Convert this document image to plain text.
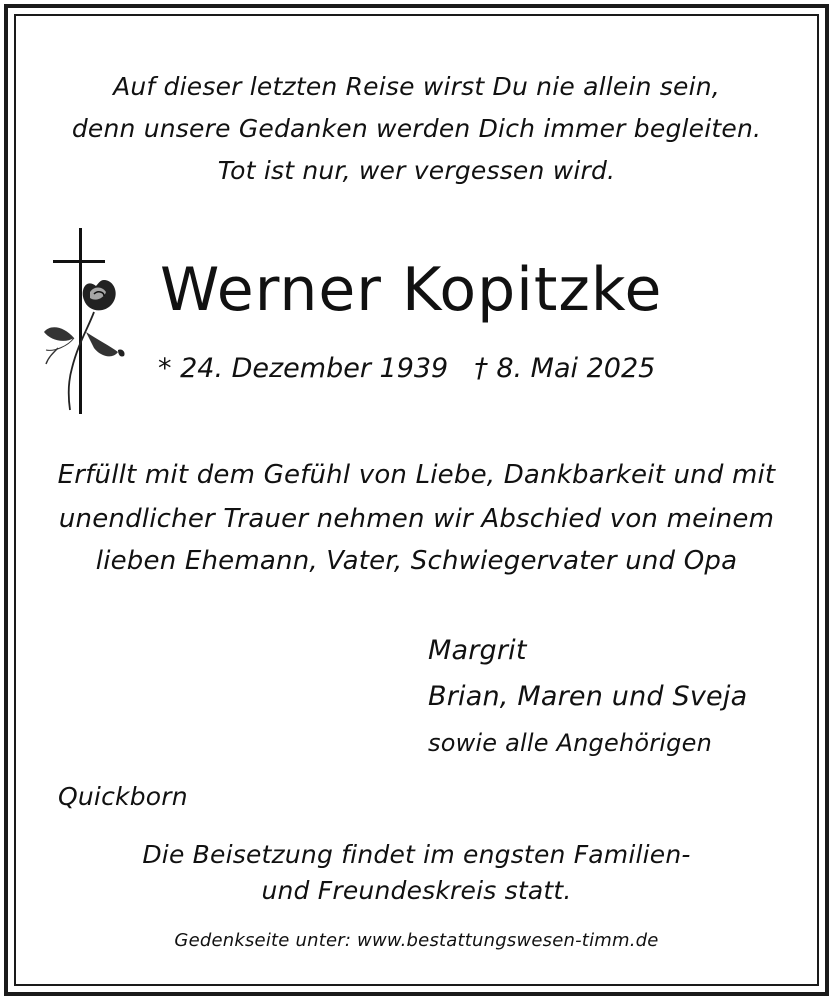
Auf dieser letzten Reise wirst Du nie allein sein,
denn unsere Gedanken werden Dich immer begleiten.
Tot ist nur, wer vergessen wird.
Werner Kopitzke
* 24. Dezember 1939 † 8. Mai 2025
Erfüllt mit dem Gefühl von Liebe, Dankbarkeit und mit
unendlicher Trauer nehmen wir Abschied von meinem
lieben Ehemann, Vater, Schwiegervater und Opa
Margrit
Brian, Maren und Sveja
sowie alle Angehörigen
Quickborn
Die Beisetzung findet im engsten Familien-
und Freundeskreis statt.
Gedenkseite unter: www.bestattungswesen-timm.de
